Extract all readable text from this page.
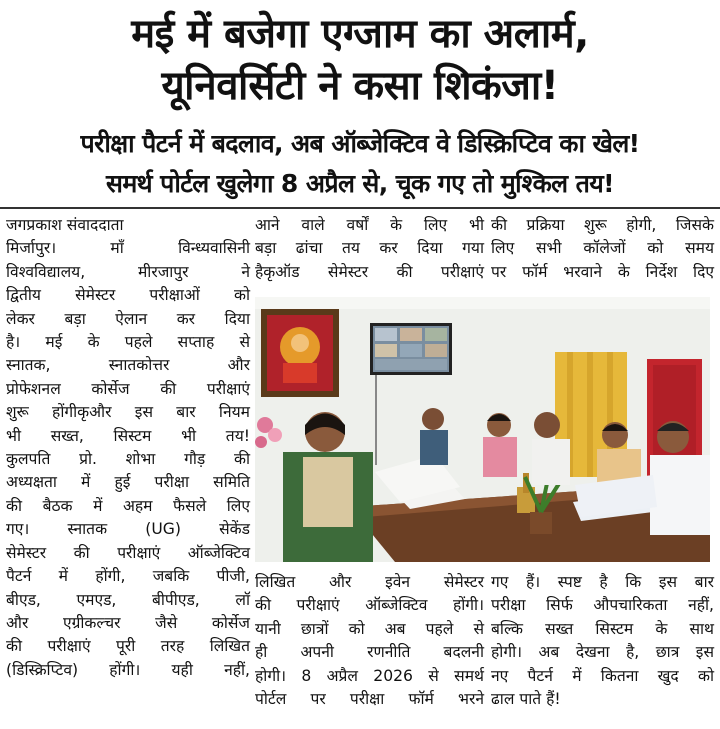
मई में बजेगा एग्जाम का अलार्म,
यूनिवर्सिटी ने कसा शिकंजा!
परीक्षा पैटर्न में बदलाव, अब ऑब्जेक्टिव वे डिस्क्रिप्टिव का खेल!
समर्थ पोर्टल खुलेगा 8 अप्रैल से, चूक गए तो मुश्किल तय!

जगप्रकाश संवाददाता

मिर्जापुर। माँ विन्ध्यवासिनी

विश्वविद्यालय, मीरजापुर ने

द्वितीय सेमेस्टर परीक्षाओं को

लेकर बड़ा ऐलान कर दिया

है। मई के पहले सप्ताह से

स्नातक, स्नातकोत्तर और

प्रोफेशनल कोर्सेज की परीक्षाएं

शुरू होंगीकृऔर इस बार नियम

भी सख्त, सिस्टम भी तय!

कुलपति प्रो. शोभा गौड़ की

अध्यक्षता में हुई परीक्षा समिति

की बैठक में अहम फैसले लिए

गए। स्नातक (UG) सेकेंड

सेमेस्टर की परीक्षाएं ऑब्जेक्टिव

पैटर्न में होंगी, जबकि पीजी,

बीएड, एमएड, बीपीएड, लॉ

और एग्रीकल्चर जैसे कोर्सेज

की परीक्षाएं पूरी तरह लिखित

(डिस्क्रिप्टिव) होंगी। यही नहीं,

आने वाले वर्षों के लिए भी

बड़ा ढांचा तय कर दिया गया

हैकृऑड सेमेस्टर की परीक्षाएं

की प्रक्रिया शुरू होगी, जिसके

लिए सभी कॉलेजों को समय

पर फॉर्म भरवाने के निर्देश दिए

लिखित और इवेन सेमेस्टर

की परीक्षाएं ऑब्जेक्टिव होंगी।

यानी छात्रों को अब पहले से

ही अपनी रणनीति बदलनी

होगी। 8 अप्रैल 2026 से समर्थ

पोर्टल पर परीक्षा फॉर्म भरने

गए हैं। स्पष्ट है कि इस बार

परीक्षा सिर्फ औपचारिकता नहीं,

बल्कि सख्त सिस्टम के साथ

होगी। अब देखना है, छात्र इस

नए पैटर्न में कितना खुद को

ढाल पाते हैं!
